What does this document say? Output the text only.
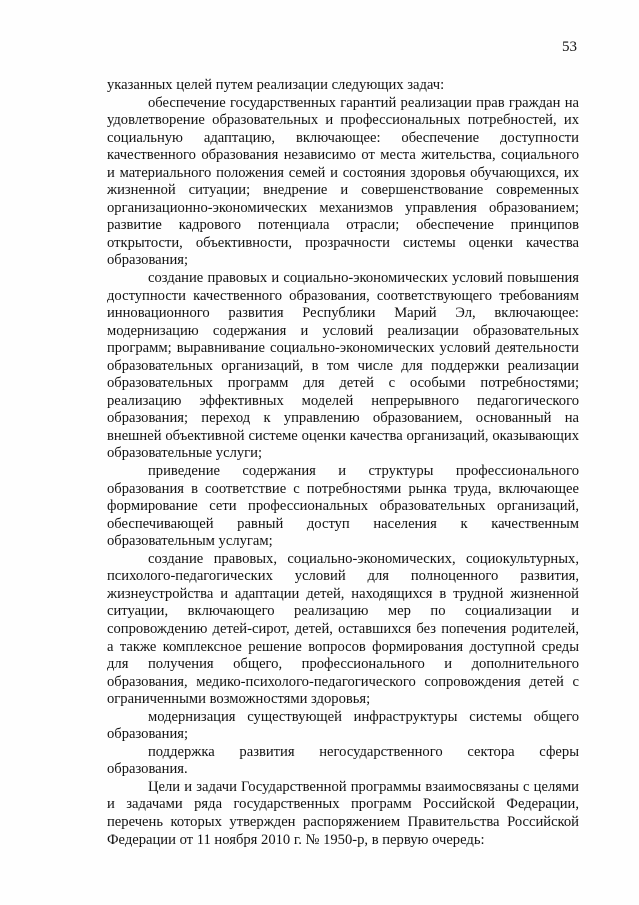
53

указанных целей путем реализации следующих задач:

обеспечение государственных гарантий реализации прав граждан на удовлетворение образовательных и профессиональных потребностей, их социальную адаптацию, включающее: обеспечение доступности качественного образования независимо от места жительства, социального и материального положения семей и состояния здоровья обучающихся, их жизненной ситуации; внедрение и совершенствование современных организационно-экономических механизмов управления образованием; развитие кадрового потенциала отрасли; обеспечение принципов открытости, объективности, прозрачности системы оценки качества образования;

создание правовых и социально-экономических условий повышения доступности качественного образования, соответствующего требованиям инновационного развития Республики Марий Эл, включающее: модернизацию содержания и условий реализации образовательных программ; выравнивание социально-экономических условий деятельности образовательных организаций, в том числе для поддержки реализации образовательных программ для детей с особыми потребностями; реализацию эффективных моделей непрерывного педагогического образования; переход к управлению образованием, основанный на внешней объективной системе оценки качества организаций, оказывающих образовательные услуги;

приведение содержания и структуры профессионального образования в соответствие с потребностями рынка труда, включающее формирование сети профессиональных образовательных организаций, обеспечивающей равный доступ населения к качественным образовательным услугам;

создание правовых, социально-экономических, социокультурных, психолого-педагогических условий для полноценного развития, жизнеустройства и адаптации детей, находящихся в трудной жизненной ситуации, включающего реализацию мер по социализации и сопровождению детей-сирот, детей, оставшихся без попечения родителей, а также комплексное решение вопросов формирования доступной среды для получения общего, профессионального и дополнительного образования, медико-психолого-педагогического сопровождения детей с ограниченными возможностями здоровья;

модернизация существующей инфраструктуры системы общего образования;

поддержка развития негосударственного сектора сферы образования.

Цели и задачи Государственной программы взаимосвязаны с целями и задачами ряда государственных программ Российской Федерации, перечень которых утвержден распоряжением Правительства Российской Федерации от 11 ноября 2010 г. № 1950-р, в первую очередь:
